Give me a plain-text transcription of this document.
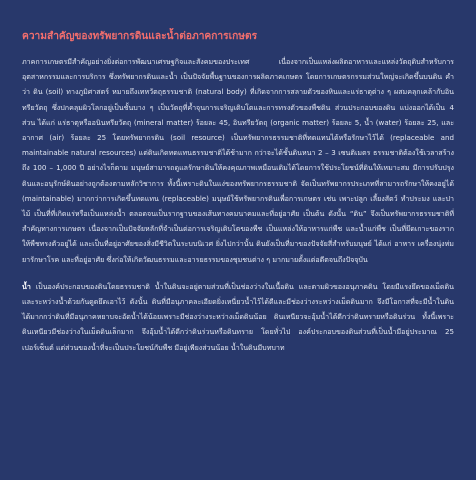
ความสำคัญของทรัพยากรดินและน้ำต่อภาคการเกษตร

ภาคการเกษตรมีสำคัญอย่างยิ่งต่อการพัฒนาเศรษฐกิจและสังคมของประเทศ เนื่องจากเป็นแหล่งผลิตอาหารและแหล่งวัตถุดิบสำหรับการอุตสาหกรรมและการบริการ ซึ่งทรัพยากรดินและน้ำ เป็นปัจจัยพื้นฐานของการผลิตภาคเกษตร โดยการเกษตรกรรมส่วนใหญ่จะเกิดขึ้นบนดิน คำว่า ดิน (soil) ทางภูมิศาสตร์ หมายถึงเทหวัตถุธรรมชาติ (natural body) ที่เกิดจากการสลายตัวของหินและแร่ธาตุต่าง ๆ ผสมคลุกเคล้ากับอินทรียวัตถุ ซึ่งปกคลุมผิวโลกอยู่เป็นชั้นบาง ๆ เป็นวัตถุที่ค้ำจุนการเจริญเติบโตและการทรงตัวของพืชดิน ส่วนประกอบของดิน แบ่งออกได้เป็น 4 ส่วน ได้แก่ แร่ธาตุหรืออนินทรียวัตถุ (mineral matter) ร้อยละ 45, อินทรียวัตถุ (organic matter) ร้อยละ 5, น้ำ (water) ร้อยละ 25, และอากาศ (air) ร้อยละ 25 โดยทรัพยากรดิน (soil resource) เป็นทรัพยากรธรรมชาติที่ทดแทนได้หรือรักษาไว้ได้ (replaceable and maintainable natural resources) แต่ดินเกิดทดแทนธรรมชาติได้ช้ามาก กว่าจะได้ชั้นดินหนา 2 – 3 เซนติเมตร ธรรมชาติต้องใช้เวลาสร้างถึง 100 – 1,000 ปี อย่างไรก็ตาม มนุษย์สามารถดูแลรักษาดินให้คงคุณภาพเหมือนเดิมได้โดยการใช้ประโยชน์ที่ดินให้เหมาะสม มีการปรับปรุงดินและอนุรักษ์ดินอย่างถูกต้องตามหลักวิชาการ ทั้งนี้เพราะดินในแง่ของทรัพยากรธรรมชาติ จัดเป็นทรัพยากรประเภทที่สามารถรักษาให้คงอยู่ได้ (maintainable) มากกว่าการเกิดขึ้นทดแทน (replaceable) มนุษย์ใช้ทรัพยากรดินเพื่อการเกษตร เช่น เพาะปลูก เลี้ยงสัตว์ ทำประมง และปาไม้ เป็นที่ที่เกิดแร่หรือเป็นแหล่งน้ำ ตลอดจนเป็นรากฐานของเส้นทางคมนาคมและที่อยู่อาศัย เป็นต้น ดังนั้น “ดิน” จึงเป็นทรัพยากรธรรมชาติที่สำคัญทางการเกษตร เนื่องจากเป็นปัจจัยหลักที่จำเป็นต่อการเจริญเติบโตของพืช เป็นแหล่งให้อาหารแก่พืช และน้ำแก่พืช เป็นที่ยึดเกาะของรากให้พืชทรงตัวอยู่ได้ และเป็นที่อยู่อาศัยของสิ่งมีชีวิตในระบบนิเวศ ยิ่งไปกว่านั้น ดินยังเป็นที่มาของปัจจัยสี่สำหรับมนุษย์ ได้แก่ อาหาร เครื่องนุ่งห่ม ยารักษาโรค และที่อยู่อาศัย ซึ่งก่อให้เกิดวัฒนธรรมและอารยธรรมของชุมชนต่าง ๆ มากมายตั้งแต่อดีตจนถึงปัจจุบัน

น้ำ เป็นองค์ประกอบของดินโดยธรรมชาติ น้ำในดินจะอยู่ตามส่วนที่เป็นช่องว่างในเนื้อดิน และตามผิวของอนุภาคดิน โดยมีแรงยึดของเม็ดดินและระหว่างน้ำด้วยกันดูดยึดเอาไว้ ดังนั้น ดินที่มีอนุภาคละเอียดยิ่งเหนี่ยวน้ำไว้ได้ดีและมีช่องว่างระหว่างเม็ดดินมาก จึงมีโอกาสที่จะมีน้ำในดินได้มากกว่าดินที่มีอนุภาคหยาบจะอัดน้ำได้น้อยเพราะมีช่องว่างระหว่างเม็ดดินน้อย ดินเหนียวจะอุ้มน้ำได้ดีกว่าดินทรายหรือดินร่วน ทั้งนี้เพราะ ดินเหนียวมีช่องว่างในเม็ดดินเล็กมาก จึงอุ้มน้ำได้ดีกว่าดินร่วนหรือดินทราย โดยทั่วไป องค์ประกอบของดินส่วนที่เป็นน้ำมีอยู่ประมาณ 25 เปอร์เซ็นต์ แต่ส่วนของน้ำที่จะเป็นประโยชน์กับพืช มีอยู่เพียงส่วนน้อย น้ำในดินมีบทบาท
